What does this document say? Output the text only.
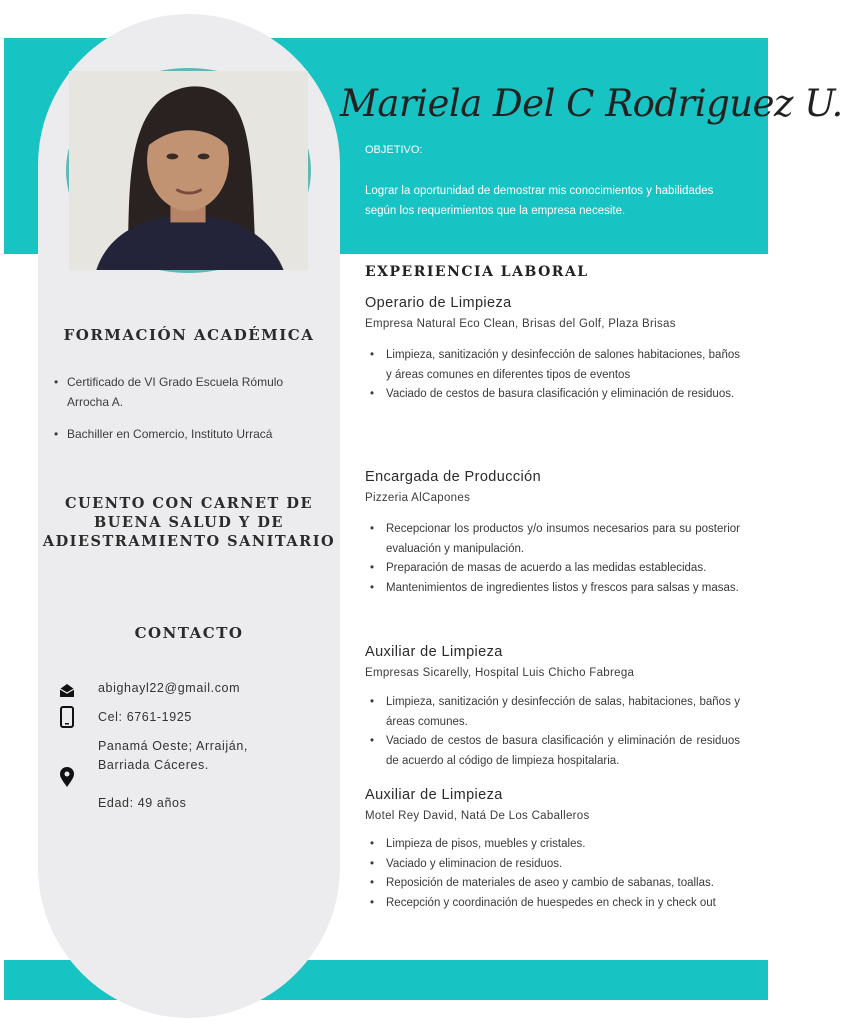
Mariela Del C Rodriguez U.
OBJETIVO:
Lograr la oportunidad de demostrar mis conocimientos y habilidades según los requerimientos que la empresa necesite.
FORMACIÓN ACADÉMICA
• Certificado de VI Grado Escuela Rómulo Arrocha A.
• Bachiller en Comercio, Instituto Urracá
CUENTO CON CARNET DE BUENA SALUD Y DE ADIESTRAMIENTO SANITARIO
CONTACTO
abighayl22@gmail.com
Cel: 6761-1925
Panamá Oeste; Arraiján,
Barriada Cáceres.
Edad: 49 años
EXPERIENCIA LABORAL
Operario de Limpieza
Empresa Natural Eco Clean, Brisas del Golf, Plaza Brisas
• Limpieza, sanitización y desinfección de salones habitaciones, baños y áreas comunes en diferentes tipos de eventos
• Vaciado de cestos de basura clasificación y eliminación de residuos.
Encargada de Producción
Pizzeria AlCapones
• Recepcionar los productos y/o insumos necesarios para su posterior evaluación y manipulación.
• Preparación de masas de acuerdo a las medidas establecidas.
• Mantenimientos de ingredientes listos y frescos para salsas y masas.
Auxiliar de Limpieza
Empresas Sicarelly, Hospital Luis Chicho Fabrega
• Limpieza, sanitización y desinfección de salas, habitaciones, baños y áreas comunes.
• Vaciado de cestos de basura clasificación y eliminación de residuos de acuerdo al código de limpieza hospitalaria.
Auxiliar de Limpieza
Motel Rey David, Natá De Los Caballeros
• Limpieza de pisos, muebles y cristales.
• Vaciado y eliminacion de residuos.
• Reposición de materiales de aseo y cambio de sabanas, toallas.
• Recepción y coordinación de huespedes en check in y check out
